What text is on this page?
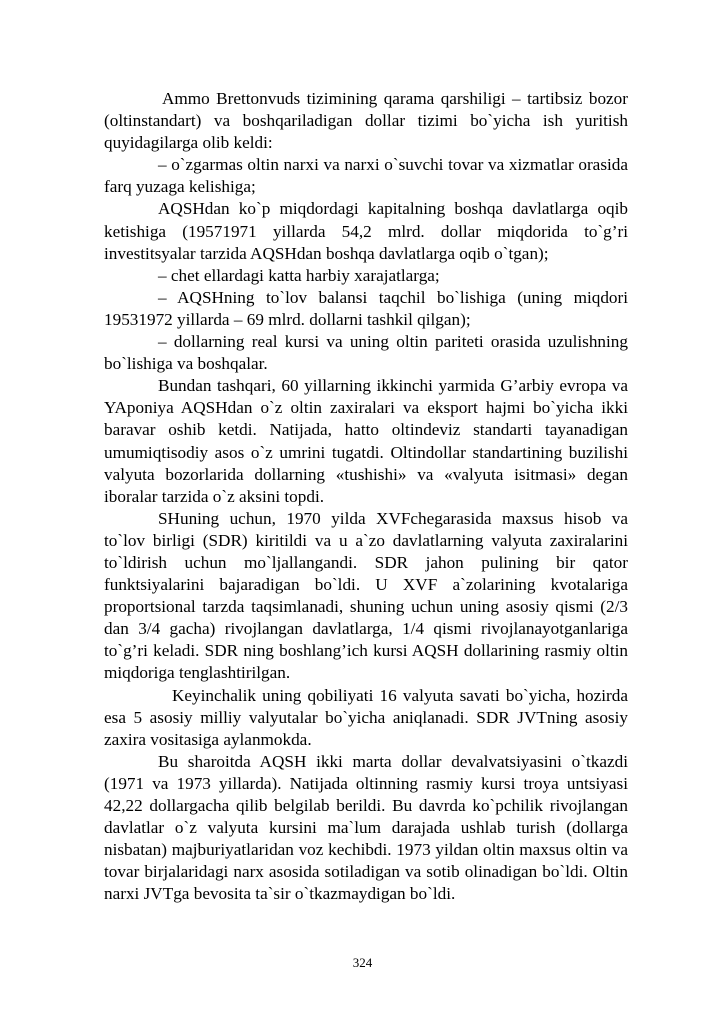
Ammo Brettonvuds tizimining qarama qarshiligi – tartibsiz bozor (oltinstandart) va boshqariladigan dollar tizimi bo`yicha ish yuritish quyidagilarga olib keldi:

– o`zgarmas oltin narxi va narxi o`suvchi tovar va xizmatlar orasida farq yuzaga kelishiga;

AQSHdan ko`p miqdordagi kapitalning boshqa davlatlarga oqib ketishiga (19571971 yillarda 54,2 mlrd. dollar miqdorida to`g’ri investitsyalar tarzida AQSHdan boshqa davlatlarga oqib o`tgan);

– chet ellardagi katta harbiy xarajatlarga;

– AQSHning to`lov balansi taqchil bo`lishiga (uning miqdori 19531972 yillarda – 69 mlrd. dollarni tashkil qilgan);

– dollarning real kursi va uning oltin pariteti orasida uzulishning bo`lishiga va boshqalar.

Bundan tashqari, 60 yillarning ikkinchi yarmida G’arbiy evropa va YAponiya AQSHdan o`z oltin zaxiralari va eksport hajmi bo`yicha ikki baravar oshib ketdi. Natijada, hatto oltindeviz standarti tayanadigan umumiqtisodiy asos o`z umrini tugatdi. Oltindollar standartining buzilishi valyuta bozorlarida dollarning «tushishi» va «valyuta isitmasi» degan iboralar tarzida o`z aksini topdi.

SHuning uchun, 1970 yilda XVFchegarasida maxsus hisob va to`lov birligi (SDR) kiritildi va u a`zo davlatlarning valyuta zaxiralarini to`ldirish uchun mo`ljallangandi. SDR jahon pulining bir qator funktsiyalarini bajaradigan bo`ldi. U XVF a`zolarining kvotalariga proportsional tarzda taqsimlanadi, shuning uchun uning asosiy qismi (2/3 dan 3/4 gacha) rivojlangan davlatlarga, 1/4 qismi rivojlanayotganlariga to`g’ri keladi. SDR ning boshlang’ich kursi AQSH dollarining rasmiy oltin miqdoriga tenglashtirilgan.

Keyinchalik uning qobiliyati 16 valyuta savati bo`yicha, hozirda esa 5 asosiy milliy valyutalar bo`yicha aniqlanadi. SDR JVTning asosiy zaxira vositasiga aylanmokda.

Bu sharoitda AQSH ikki marta dollar devalvatsiyasini o`tkazdi (1971 va 1973 yillarda). Natijada oltinning rasmiy kursi troya untsiyasi 42,22 dollargacha qilib belgilab berildi. Bu davrda ko`pchilik rivojlangan davlatlar o`z valyuta kursini ma`lum darajada ushlab turish (dollarga nisbatan) majburiyatlaridan voz kechibdi. 1973 yildan oltin maxsus oltin va tovar birjalaridagi narx asosida sotiladigan va sotib olinadigan bo`ldi. Oltin narxi JVTga bevosita ta`sir o`tkazmaydigan bo`ldi.

324
